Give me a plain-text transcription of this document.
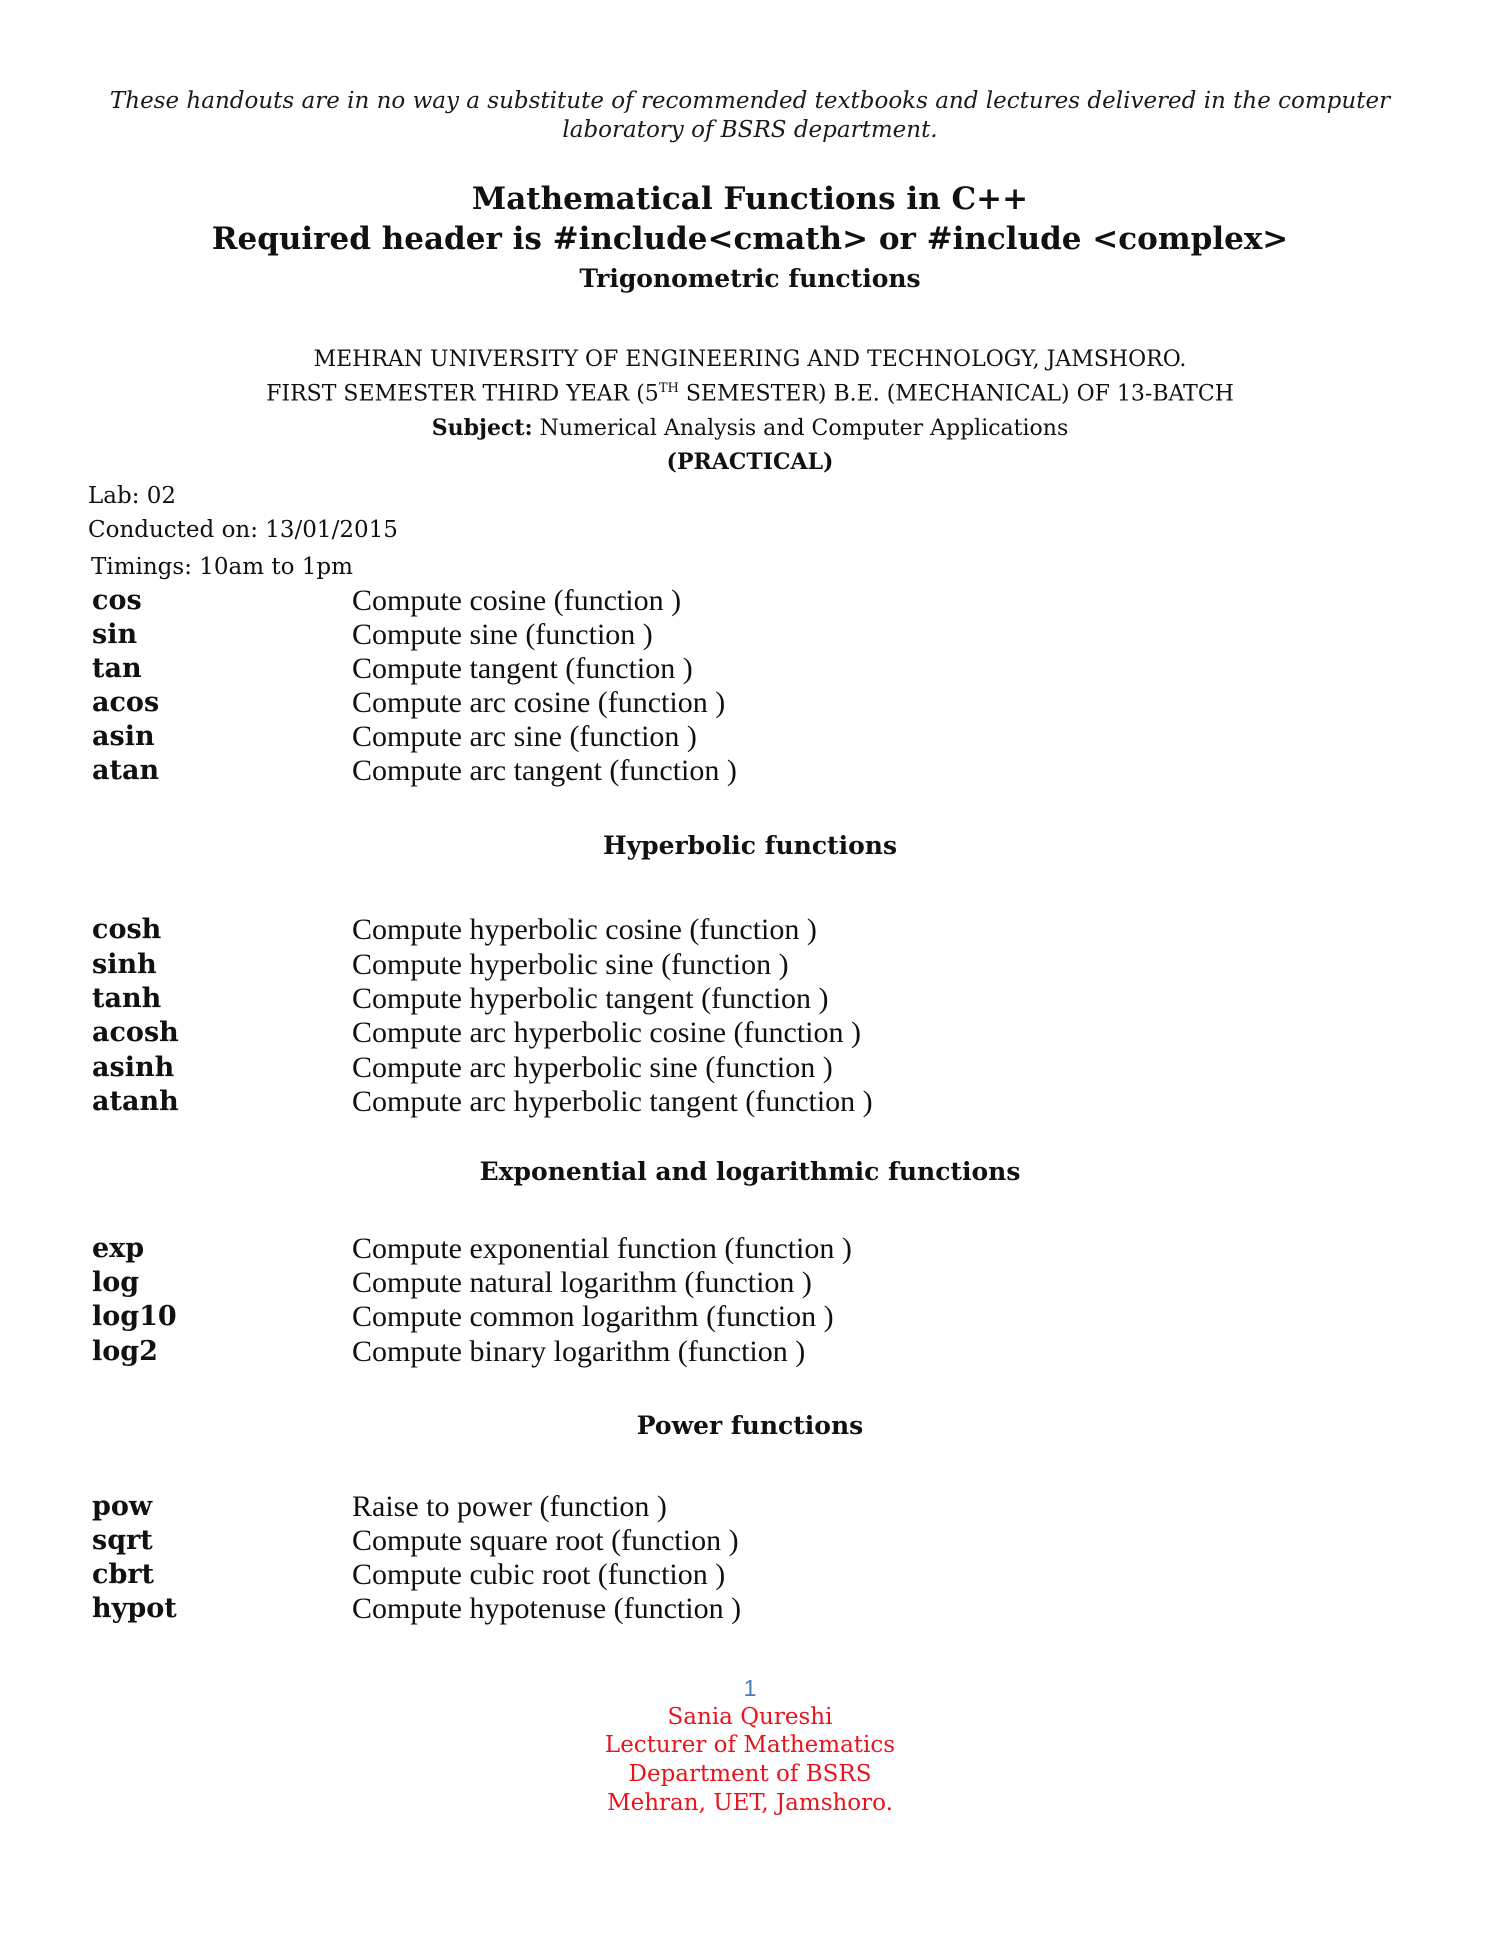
These handouts are in no way a substitute of recommended textbooks and lectures delivered in the computer
laboratory of BSRS department.
Mathematical Functions in C++
Required header is #include<cmath> or #include <complex>
Trigonometric functions
MEHRAN UNIVERSITY OF ENGINEERING AND TECHNOLOGY, JAMSHORO.
FIRST SEMESTER THIRD YEAR (5TH SEMESTER) B.E. (MECHANICAL) OF 13-BATCH
Subject: Numerical Analysis and Computer Applications
(PRACTICAL)
Lab: 02
Conducted on: 13/01/2015
Timings: 10am to 1pm
cos	Compute cosine (function )
sin	Compute sine (function )
tan	Compute tangent (function )
acos	Compute arc cosine (function )
asin	Compute arc sine (function )
atan	Compute arc tangent (function )
Hyperbolic functions
cosh	Compute hyperbolic cosine (function )
sinh	Compute hyperbolic sine (function )
tanh	Compute hyperbolic tangent (function )
acosh	Compute arc hyperbolic cosine (function )
asinh	Compute arc hyperbolic sine (function )
atanh	Compute arc hyperbolic tangent (function )
Exponential and logarithmic functions
exp	Compute exponential function (function )
log	Compute natural logarithm (function )
log10	Compute common logarithm (function )
log2	Compute binary logarithm (function )
Power functions
pow	Raise to power (function )
sqrt	Compute square root (function )
cbrt	Compute cubic root (function )
hypot	Compute hypotenuse (function )
1
Sania Qureshi
Lecturer of Mathematics
Department of BSRS
Mehran, UET, Jamshoro.
